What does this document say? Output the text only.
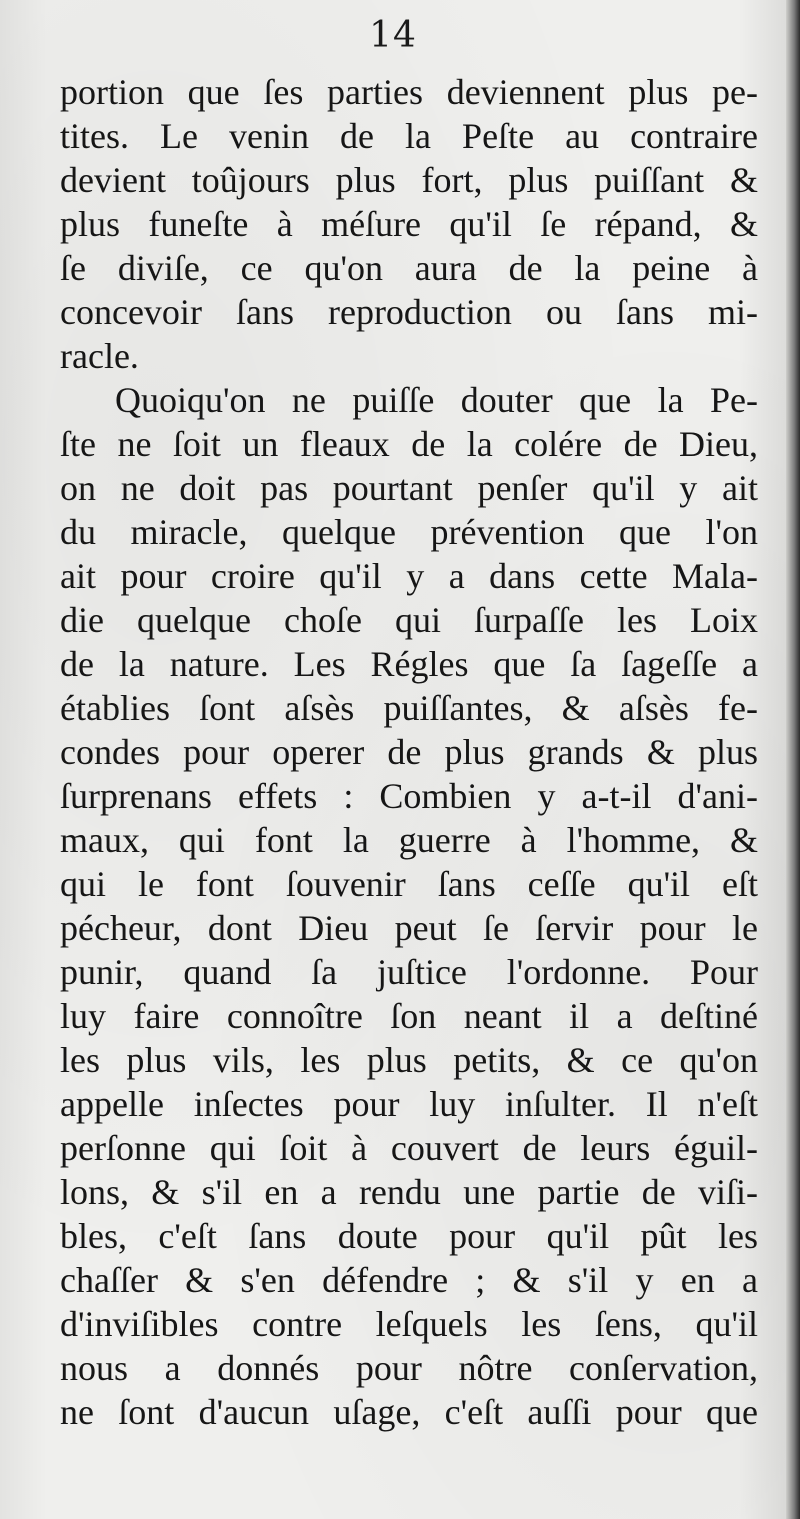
14
portion que ſes parties deviennent plus pe-
tites. Le venin de la Peſte au contraire
devient toûjours plus fort, plus puiſſant &
plus funeſte à méſure qu'il ſe répand, &
ſe diviſe, ce qu'on aura de la peine à
concevoir ſans reproduction ou ſans mi-
racle.
Quoiqu'on ne puiſſe douter que la Pe-
ſte ne ſoit un fleaux de la colére de Dieu,
on ne doit pas pourtant penſer qu'il y ait
du miracle, quelque prévention que l'on
ait pour croire qu'il y a dans cette Mala-
die quelque choſe qui ſurpaſſe les Loix
de la nature. Les Régles que ſa ſageſſe a
établies ſont aſsès puiſſantes, & aſsès fe-
condes pour operer de plus grands & plus
ſurprenans effets : Combien y a-t-il d'ani-
maux, qui font la guerre à l'homme, &
qui le font ſouvenir ſans ceſſe qu'il eſt
pécheur, dont Dieu peut ſe ſervir pour le
punir, quand ſa juſtice l'ordonne. Pour
luy faire connoître ſon neant il a deſtiné
les plus vils, les plus petits, & ce qu'on
appelle inſectes pour luy inſulter. Il n'eſt
perſonne qui ſoit à couvert de leurs éguil-
lons, & s'il en a rendu une partie de viſi-
bles, c'eſt ſans doute pour qu'il pût les
chaſſer & s'en défendre ; & s'il y en a
d'inviſibles contre leſquels les ſens, qu'il
nous a donnés pour nôtre conſervation,
ne ſont d'aucun uſage, c'eſt auſſi pour que
